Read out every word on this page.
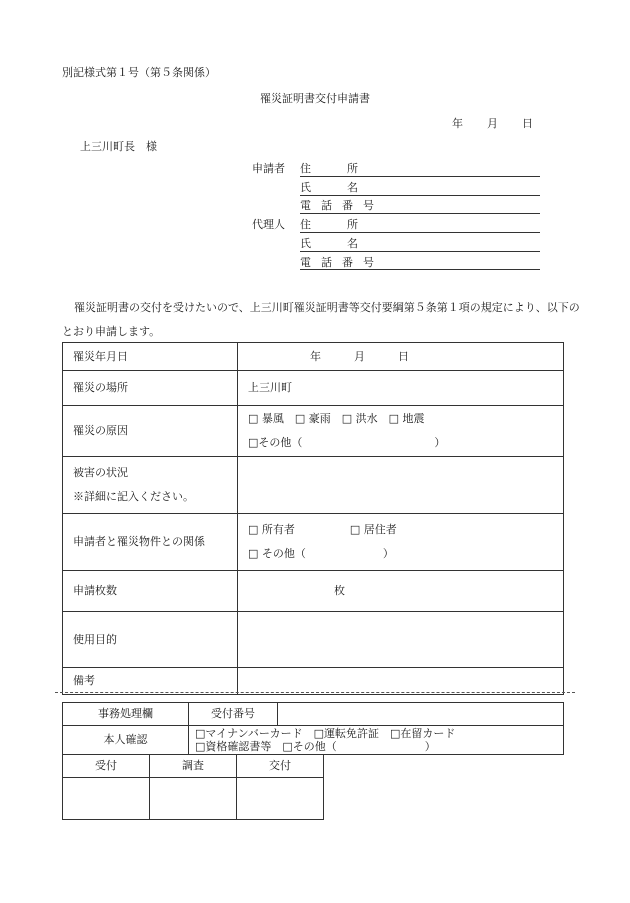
別記様式第１号（第５条関係）
罹災証明書交付申請書
年 月 日
上三川町長　様
申請者 住所
氏名
電話番号
代理人 住所
氏名
電話番号
罹災証明書の交付を受けたいので、上三川町罹災証明書等交付要綱第５条第１項の規定により、以下のとおり申請します。
罹災年月日	年　　　月　　　日
罹災の場所	上三川町
罹災の原因	□ 暴風　□ 豪雨　□ 洪水　□ 地震
□その他（　　　　　　　　　　　　）

被害の状況
※詳細に記入ください。	

申請者と罹災物件との関係	□ 所有者　　　　　□ 居住者
□ その他（　　　　　　　）

申請枚数	枚
使用目的	
備考	
事務処理欄	受付番号	
本人確認	□マイナンバーカード　□運転免許証　□在留カード
□資格確認書等　□その他（　　　　　　　　）	
受付	調査	交付
